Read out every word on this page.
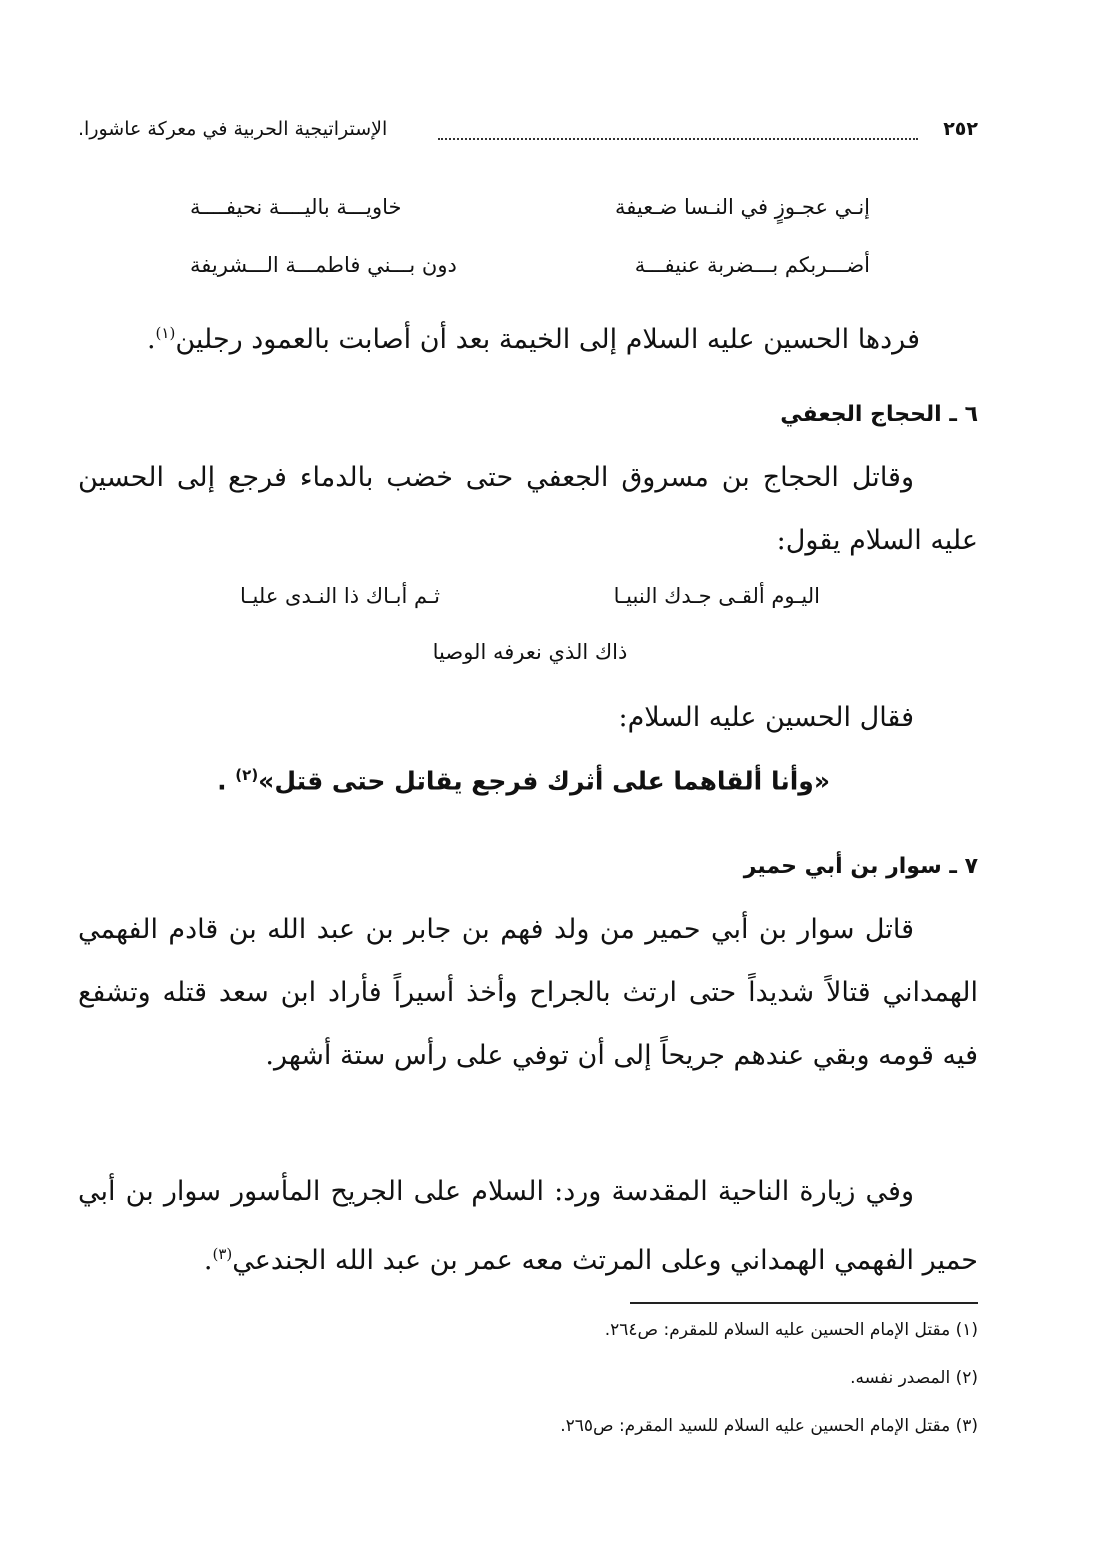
٢٥٢
الإستراتيجية الحربية في معركة عاشورا.
إنـي عجـوزٍ في النـسا ضـعيفة
خاويـــة باليــــة نحيفــــة
أضـــربكم بـــضربة عنيفـــة
دون بـــني فاطمـــة الـــشريفة
فردها الحسين عليه السلام إلى الخيمة بعد أن أصابت بالعمود رجلين$^{(١)}$.
٦ ـ الحجاج الجعفي
وقاتل الحجاج بن مسروق الجعفي حتى خضب بالدماء فرجع إلى الحسين عليه السلام يقول:
اليـوم ألقـى جـدك النبيـا
ثـم أبـاك ذا النـدى عليـا
ذاك الذي نعرفه الوصيا
فقال الحسين عليه السلام:
«وأنا ألقاهما على أثرك فرجع يقاتل حتى قتل»$^{(٢)}$ .
٧ ـ سوار بن أبي حمير
قاتل سوار بن أبي حمير من ولد فهم بن جابر بن عبد الله بن قادم الفهمي الهمداني قتالاً شديداً حتى ارتث بالجراح وأخذ أسيراً فأراد ابن سعد قتله وتشفع فيه قومه وبقي عندهم جريحاً إلى أن توفي على رأس ستة أشهر.
وفي زيارة الناحية المقدسة ورد: السلام على الجريح المأسور سوار بن أبي حمير الفهمي الهمداني وعلى المرتث معه عمر بن عبد الله الجندعي$^{(٣)}$.
(١) مقتل الإمام الحسين عليه السلام للمقرم: ص٢٦٤.
(٢) المصدر نفسه.
(٣) مقتل الإمام الحسين عليه السلام للسيد المقرم: ص٢٦٥.
